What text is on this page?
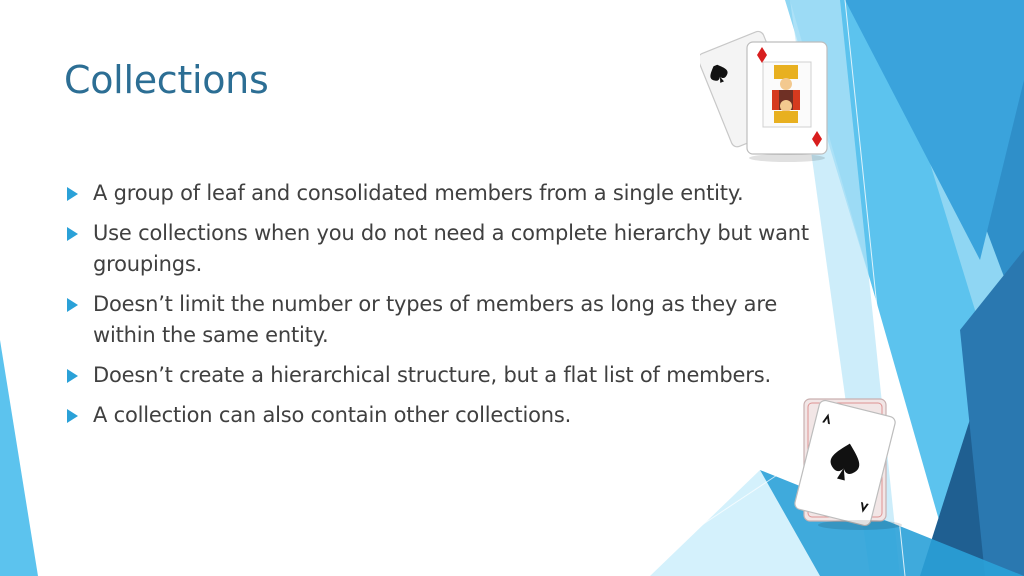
Collections
A group of leaf and consolidated members from a single entity.
Use collections when you do not need a complete hierarchy but want groupings.
Doesn’t limit the number or types of members as long as they are within the same entity.
Doesn’t create a hierarchical structure, but a flat list of members.
A collection can also contain other collections.
